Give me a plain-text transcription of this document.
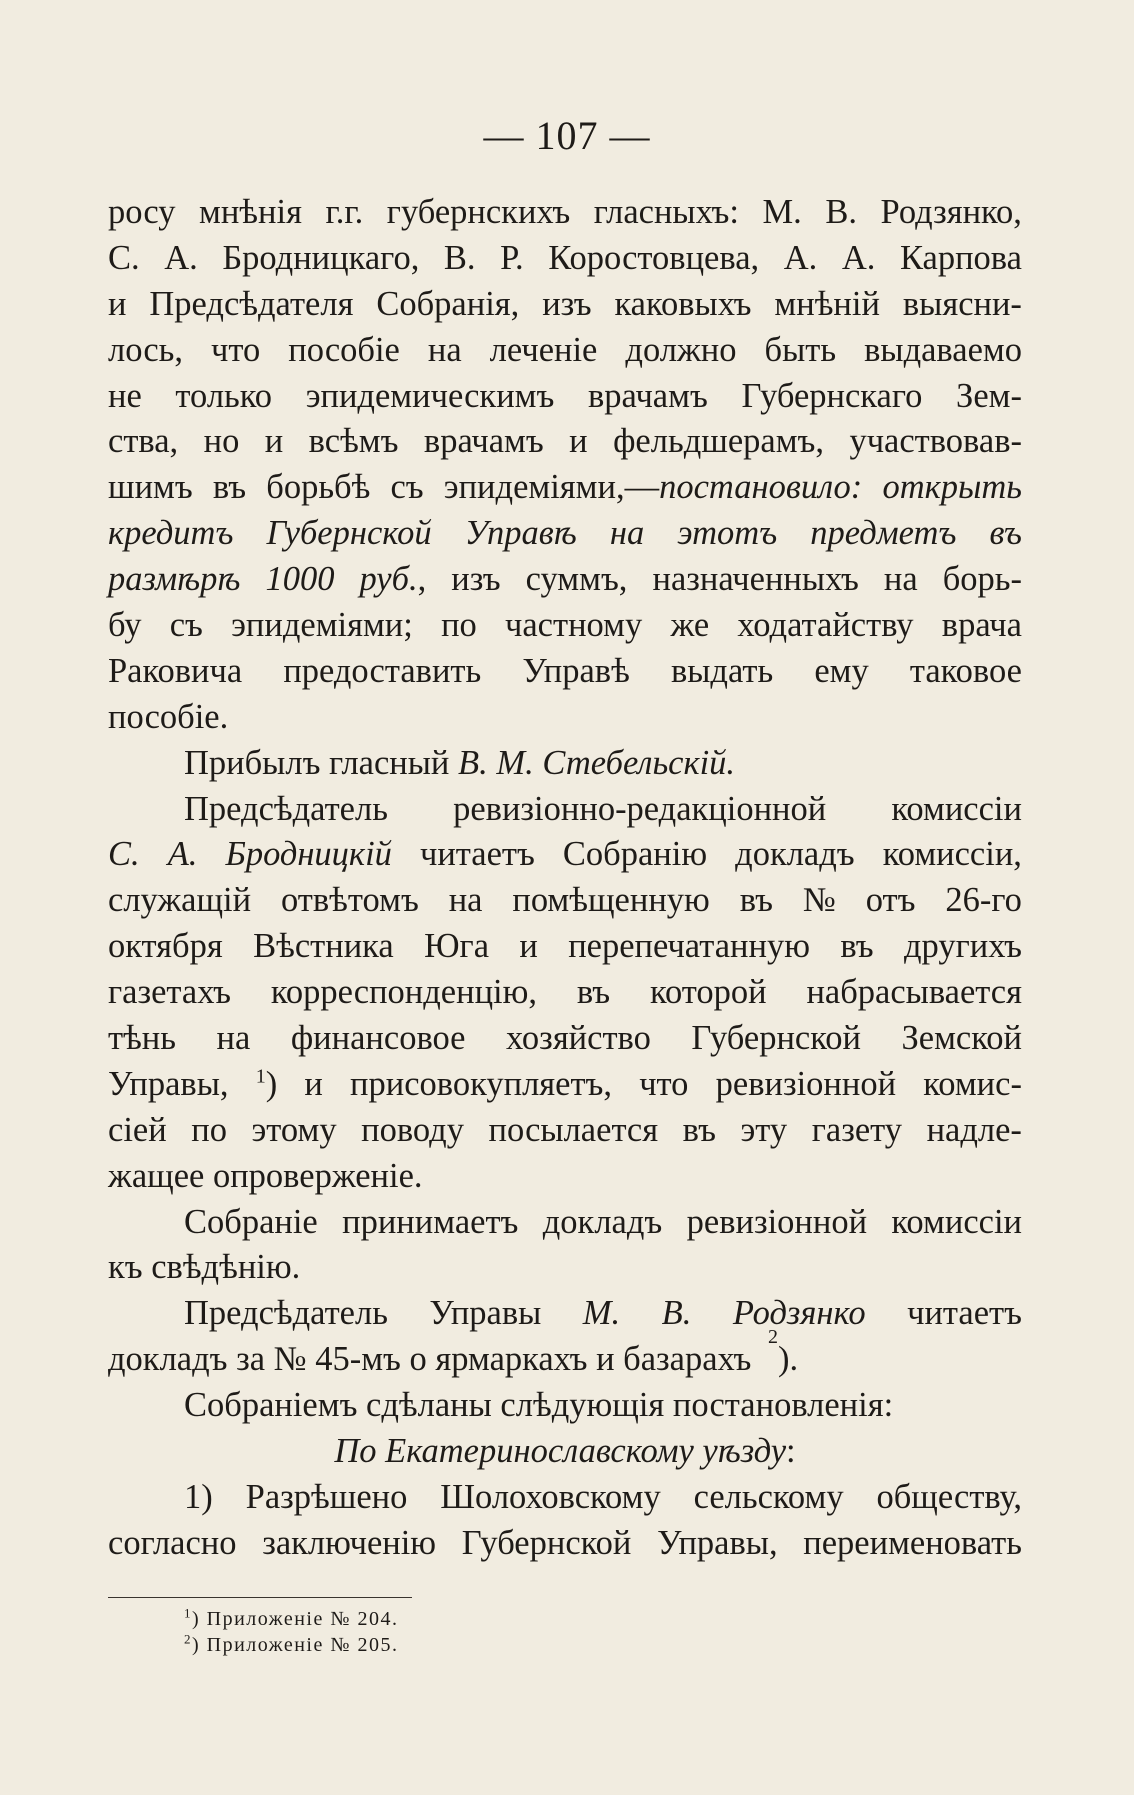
— 107 —
росу мнѣнія г.г. губернскихъ гласныхъ: М. В. Родзянко,
С. А. Бродницкаго, В. Р. Коростовцева, А. А. Карпова
и Предсѣдателя Собранія, изъ каковыхъ мнѣній выясни-
лось, что пособіе на леченіе должно быть выдаваемо
не только эпидемическимъ врачамъ Губернскаго Зем-
ства, но и всѣмъ врачамъ и фельдшерамъ, участвовав-
шимъ въ борьбѣ съ эпидеміями,—постановило: открыть
кредитъ Губернской Управѣ на этотъ предметъ въ
размѣрѣ 1000 руб., изъ суммъ, назначенныхъ на борь-
бу съ эпидеміями; по частному же ходатайству врача
Раковича предоставить Управѣ выдать ему таковое
пособіе.
Прибылъ гласный В. М. Стебельскій.
Предсѣдатель ревизіонно-редакціонной комиссіи
С. А. Бродницкій читаетъ Собранію докладъ комиссіи,
служащій отвѣтомъ на помѣщенную въ № отъ 26-го
октября Вѣстника Юга и перепечатанную въ другихъ
газетахъ корреспонденцію, въ которой набрасывается
тѣнь на финансовое хозяйство Губернской Земской
Управы, $^1$) и присовокупляетъ, что ревизіонной комис-
сіей по этому поводу посылается въ эту газету надле-
жащее опроверженіе.
Собраніе принимаетъ докладъ ревизіонной комиссіи
къ свѣдѣнію.
Предсѣдатель Управы М. В. Родзянко читаетъ
докладъ за № 45-мъ о ярмаркахъ и базарахъ
2
).
Собраніемъ сдѣланы слѣдующія постановленія:
По Екатеринославскому уѣзду :
1) Разрѣшено Шолоховскому сельскому обществу,
согласно заключенію Губернской Управы, переименовать
$^1$) Приложеніе № 204.
$^2$) Приложеніе № 205.
